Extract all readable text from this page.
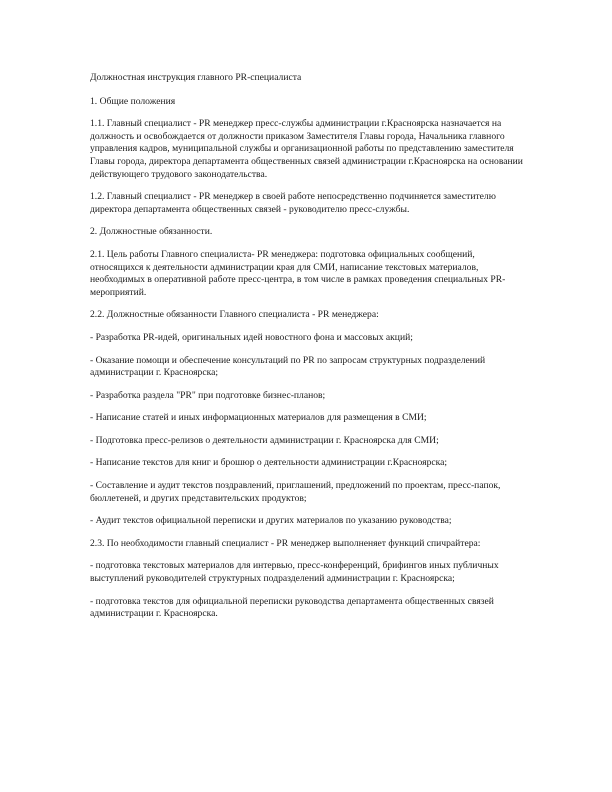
Должностная инструкция главного PR-специалиста

1. Общие положения

1.1. Главный специалист - PR менеджер пресс-службы администрации г.Красноярска назначается на должность и освобождается от должности приказом Заместителя Главы города, Начальника главного управления кадров, муниципальной службы и организационной работы по представлению заместителя Главы города, директора департамента общественных связей администрации г.Красноярска на основании действующего трудового законодательства.

1.2. Главный специалист - PR менеджер в своей работе непосредственно подчиняется заместителю директора департамента общественных связей - руководителю пресс-службы.

2. Должностные обязанности.

2.1. Цель работы Главного специалиста- PR менеджера: подготовка официальных сообщений, относящихся к деятельности администрации края для СМИ, написание текстовых материалов, необходимых в оперативной работе пресс-центра, в том числе в рамках проведения специальных PR-мероприятий.

2.2. Должностные обязанности Главного специалиста - PR менеджера:

- Разработка PR-идей, оригинальных идей новостного фона и массовых акций;

- Оказание помощи и обеспечение консультаций по PR по запросам структурных подразделений администрации г. Красноярска;

- Разработка раздела "PR" при подготовке бизнес-планов;

- Написание статей и иных информационных материалов для размещения в СМИ;

- Подготовка пресс-релизов о деятельности администрации г. Красноярска для СМИ;

- Написание текстов для книг и брошюр о деятельности администрации г.Красноярска;

- Составление и аудит текстов поздравлений, приглашений, предложений по проектам, пресс-папок, бюллетеней, и других представительских продуктов;

- Аудит текстов официальной переписки и других материалов по указанию руководства;

2.3. По необходимости главный специалист - PR менеджер выполненяет функций спичрайтера:

- подготовка текстовых материалов для интервью, пресс-конференций, брифингов иных публичных выступлений руководителей структурных подразделений администрации г. Красноярска;

- подготовка текстов для официальной переписки руководства департамента общественных связей администрации г. Красноярска.
